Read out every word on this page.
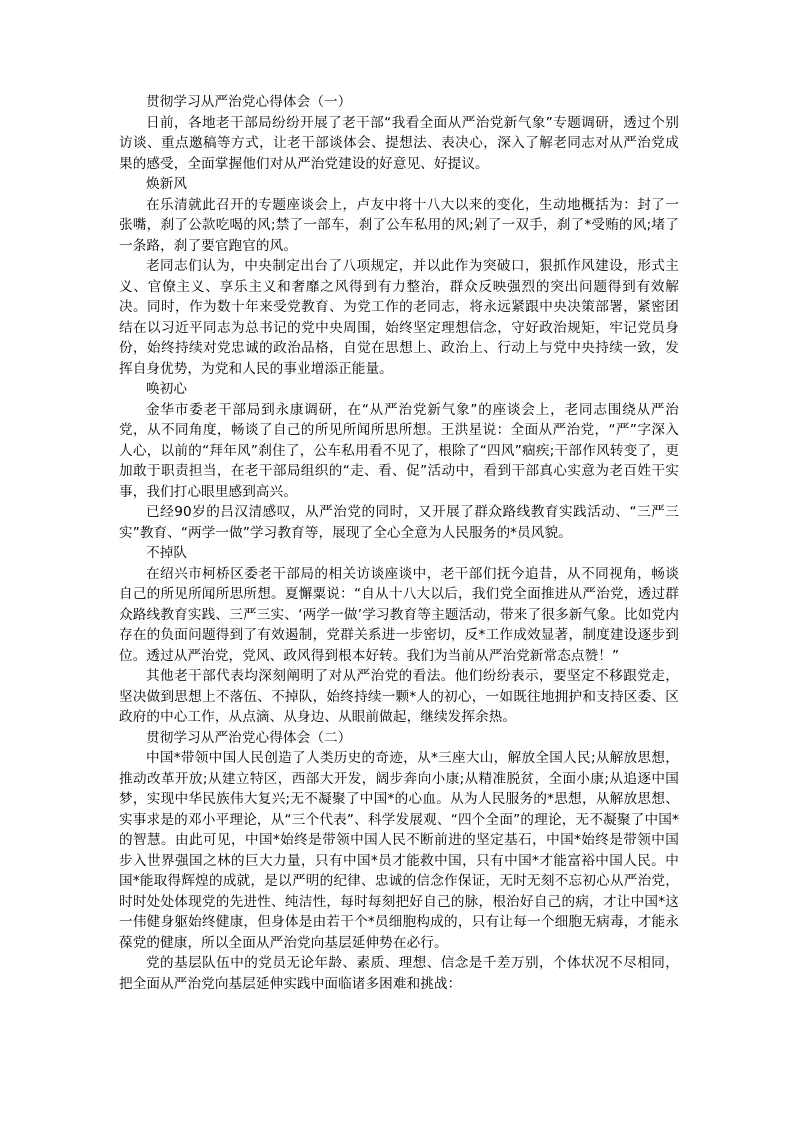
贯彻学习从严治党心得体会（一）

日前，各地老干部局纷纷开展了老干部“我看全面从严治党新气象”专题调研，透过个别访谈、重点邀稿等方式，让老干部谈体会、提想法、表决心，深入了解老同志对从严治党成果的感受，全面掌握他们对从严治党建设的好意见、好提议。

焕新风

在乐清就此召开的专题座谈会上，卢友中将十八大以来的变化，生动地概括为：封了一张嘴，刹了公款吃喝的风;禁了一部车，刹了公车私用的风;剁了一双手，刹了*受贿的风;堵了一条路，刹了要官跑官的风。

老同志们认为，中央制定出台了八项规定，并以此作为突破口，狠抓作风建设，形式主义、官僚主义、享乐主义和奢靡之风得到有力整治，群众反映强烈的突出问题得到有效解决。同时，作为数十年来受党教育、为党工作的老同志，将永远紧跟中央决策部署，紧密团结在以习近平同志为总书记的党中央周围，始终坚定理想信念，守好政治规矩，牢记党员身份，始终持续对党忠诚的政治品格，自觉在思想上、政治上、行动上与党中央持续一致，发挥自身优势，为党和人民的事业增添正能量。

唤初心

金华市委老干部局到永康调研，在“从严治党新气象”的座谈会上，老同志围绕从严治党，从不同角度，畅谈了自己的所见所闻所思所想。王洪星说：全面从严治党，“严”字深入人心，以前的“拜年风”刹住了，公车私用看不见了，根除了“四风”痼疾;干部作风转变了，更加敢于职责担当，在老干部局组织的“走、看、促”活动中，看到干部真心实意为老百姓干实事，我们打心眼里感到高兴。

已经90岁的吕汉清感叹，从严治党的同时，又开展了群众路线教育实践活动、“三严三实”教育、“两学一做”学习教育等，展现了全心全意为人民服务的*员风貌。

不掉队

在绍兴市柯桥区委老干部局的相关访谈座谈中，老干部们抚今追昔，从不同视角，畅谈自己的所见所闻所思所想。夏懈粟说：“自从十八大以后，我们党全面推进从严治党，透过群众路线教育实践、三严三实、‘两学一做’学习教育等主题活动，带来了很多新气象。比如党内存在的负面问题得到了有效遏制，党群关系进一步密切，反*工作成效显著，制度建设逐步到位。透过从严治党，党风、政风得到根本好转。我们为当前从严治党新常态点赞！”

其他老干部代表均深刻阐明了对从严治党的看法。他们纷纷表示，要坚定不移跟党走，坚决做到思想上不落伍、不掉队，始终持续一颗*人的初心，一如既往地拥护和支持区委、区政府的中心工作，从点滴、从身边、从眼前做起，继续发挥余热。

贯彻学习从严治党心得体会（二）

中国*带领中国人民创造了人类历史的奇迹，从*三座大山，解放全国人民;从解放思想，推动改革开放;从建立特区，西部大开发，阔步奔向小康;从精准脱贫，全面小康;从追逐中国梦，实现中华民族伟大复兴;无不凝聚了中国*的心血。从为人民服务的*思想，从解放思想、实事求是的邓小平理论，从“三个代表”、科学发展观、“四个全面”的理论，无不凝聚了中国*的智慧。由此可见，中国*始终是带领中国人民不断前进的坚定基石，中国*始终是带领中国步入世界强国之林的巨大力量，只有中国*员才能救中国，只有中国*才能富裕中国人民。中国*能取得辉煌的成就，是以严明的纪律、忠诚的信念作保证，无时无刻不忘初心从严治党，时时处处体现党的先进性、纯洁性，每时每刻把好自己的脉，根治好自己的病，才让中国*这一伟健身躯始终健康，但身体是由若干个*员细胞构成的，只有让每一个细胞无病毒，才能永葆党的健康，所以全面从严治党向基层延伸势在必行。

党的基层队伍中的党员无论年龄、素质、理想、信念是千差万别，个体状况不尽相同，把全面从严治党向基层延伸实践中面临诸多困难和挑战：
